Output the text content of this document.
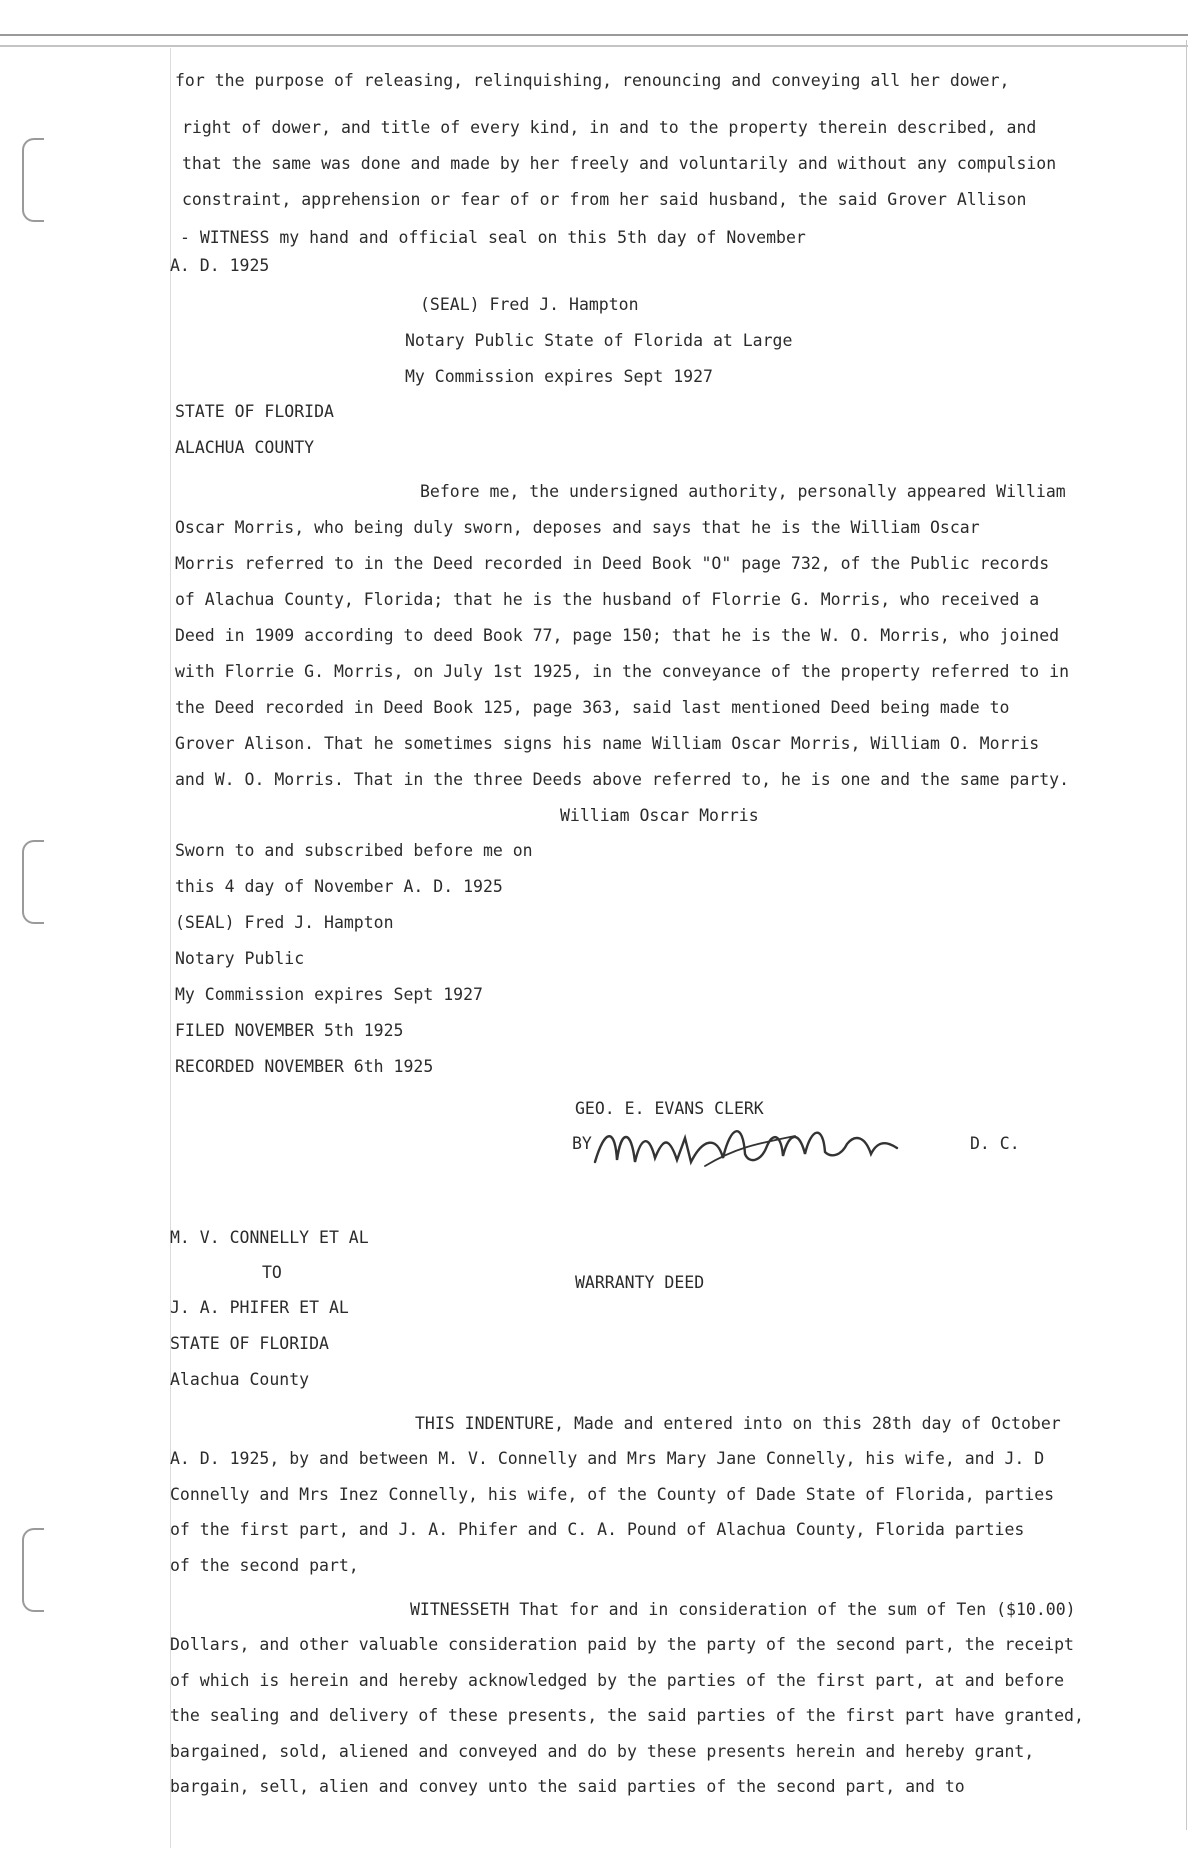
for the purpose of releasing, relinquishing, renouncing and conveying all her dower,
right of dower, and title of every kind, in and to the property therein described, and
that the same was done and made by her freely and voluntarily and without any compulsion
constraint, apprehension or fear of or from her said husband, the said Grover Allison
- WITNESS my hand and official seal on this 5th day of November
A. D. 1925
(SEAL) Fred J. Hampton
Notary Public State of Florida at Large
My Commission expires Sept 1927
STATE OF FLORIDA
ALACHUA COUNTY
Before me, the undersigned authority, personally appeared William
Oscar Morris, who being duly sworn, deposes and says that he is the William Oscar
Morris referred to in the Deed recorded in Deed Book "O" page 732, of the Public records
of Alachua County, Florida; that he is the husband of Florrie G. Morris, who received a
Deed in 1909 according to deed Book 77, page 150; that he is the W. O. Morris, who joined
with Florrie G. Morris, on July 1st 1925, in the conveyance of the property referred to in
the Deed recorded in Deed Book 125, page 363, said last mentioned Deed being made to
Grover Alison. That he sometimes signs his name William Oscar Morris, William O. Morris
and W. O. Morris. That in the three Deeds above referred to, he is one and the same party.
William Oscar Morris
Sworn to and subscribed before me on
this 4 day of November A. D. 1925
(SEAL) Fred J. Hampton
Notary Public
My Commission expires Sept 1927
FILED NOVEMBER 5th 1925
RECORDED NOVEMBER 6th 1925
GEO. E. EVANS CLERK
BY	D. C.
M. V. CONNELLY ET AL
TO
WARRANTY DEED
J. A. PHIFER ET AL
STATE OF FLORIDA
Alachua County
THIS INDENTURE, Made and entered into on this 28th day of October
A. D. 1925, by and between M. V. Connelly and Mrs Mary Jane Connelly, his wife, and J. D
Connelly and Mrs Inez Connelly, his wife, of the County of Dade State of Florida, parties
of the first part, and J. A. Phifer and C. A. Pound of Alachua County, Florida parties
of the second part,
WITNESSETH That for and in consideration of the sum of Ten ($10.00)
Dollars, and other valuable consideration paid by the party of the second part, the receipt
of which is herein and hereby acknowledged by the parties of the first part, at and before
the sealing and delivery of these presents, the said parties of the first part have granted,
bargained, sold, aliened and conveyed and do by these presents herein and hereby grant,
bargain, sell, alien and convey unto the said parties of the second part, and to
